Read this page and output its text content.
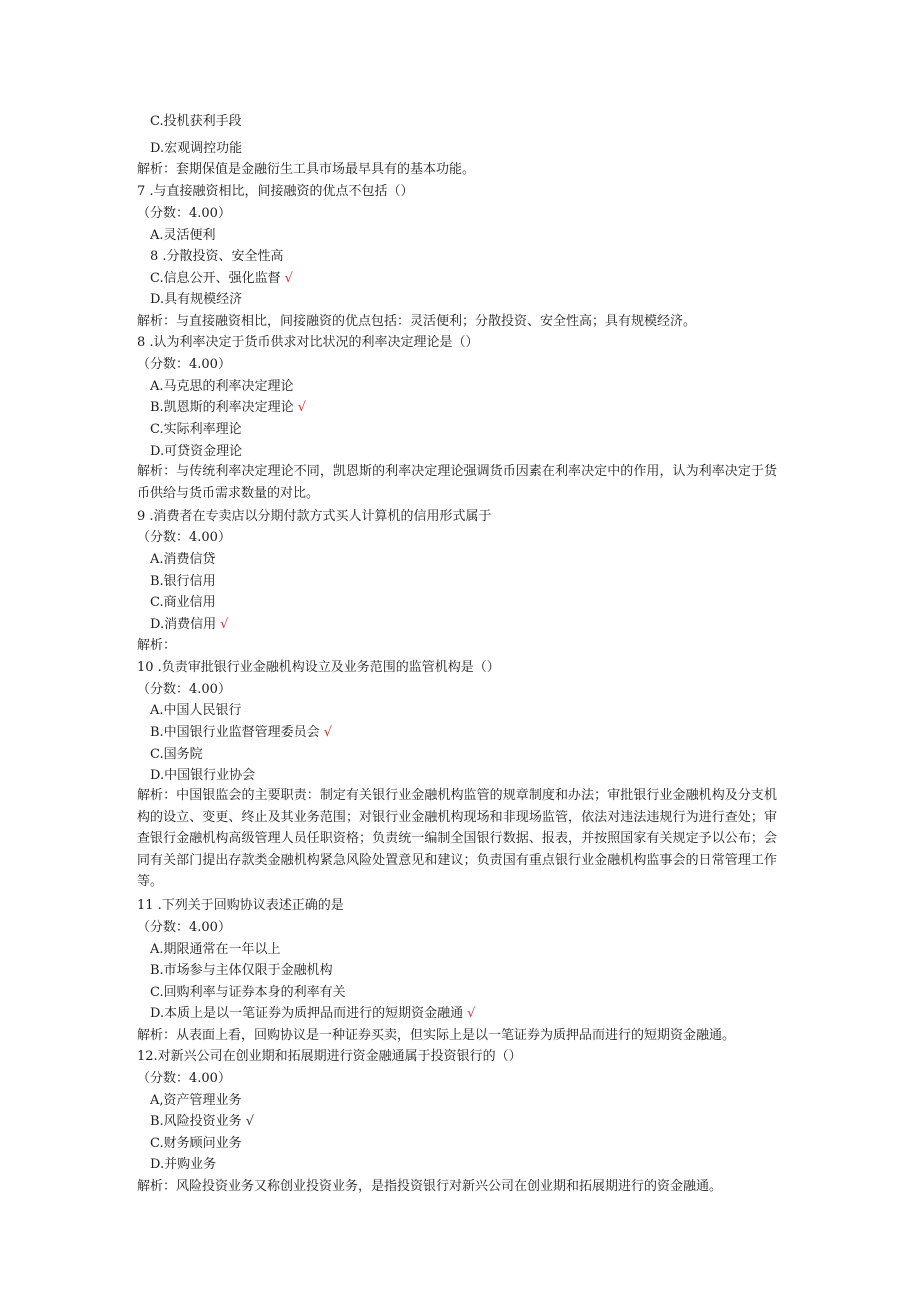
C.投机获利手段
D.宏观调控功能
解析：套期保值是金融衍生工具市场最早具有的基本功能。
7 .与直接融资相比，间接融资的优点不包括（）
（分数：4.00）
A.灵活便利
8 .分散投资、安全性高
C.信息公开、强化监督 √
D.具有规模经济
解析：与直接融资相比，间接融资的优点包括：灵活便利；分散投资、安全性高；具有规模经济。
8 .认为利率决定于货币供求对比状况的利率决定理论是（）
（分数：4.00）
A.马克思的利率决定理论
B.凯恩斯的利率决定理论 √
C.实际利率理论
D.可贷资金理论
解析：与传统利率决定理论不同，凯恩斯的利率决定理论强调货币因素在利率决定中的作用，认为利率决定于货币供给与货币需求数量的对比。
9 .消费者在专卖店以分期付款方式买人计算机的信用形式属于
（分数：4.00）
A.消费信贷
B.银行信用
C.商业信用
D.消费信用 √
解析：
10 .负责审批银行业金融机构设立及业务范围的监管机构是（）
（分数：4.00）
A.中国人民银行
B.中国银行业监督管理委员会 √
C.国务院
D.中国银行业协会
解析：中国银监会的主要职责：制定有关银行业金融机构监管的规章制度和办法；审批银行业金融机构及分支机构的设立、变更、终止及其业务范围；对银行业金融机构现场和非现场监管，依法对违法违规行为进行查处；审查银行金融机构高级管理人员任职资格；负责统一编制全国银行数据、报表，并按照国家有关规定予以公布；会同有关部门提出存款类金融机构紧急风险处置意见和建议；负责国有重点银行业金融机构监事会的日常管理工作等。
11 .下列关于回购协议表述正确的是
（分数：4.00）
A.期限通常在一年以上
B.市场参与主体仅限于金融机构
C.回购利率与证券本身的利率有关
D.本质上是以一笔证券为质押品而进行的短期资金融通 √
解析：从表面上看，回购协议是一种证券买卖，但实际上是以一笔证券为质押品而进行的短期资金融通。
12.对新兴公司在创业期和拓展期进行资金融通属于投资银行的（）
（分数：4.00）
A,资产管理业务
B.风险投资业务 √
C.财务顾问业务
D.并购业务
解析：风险投资业务又称创业投资业务，是指投资银行对新兴公司在创业期和拓展期进行的资金融通。
